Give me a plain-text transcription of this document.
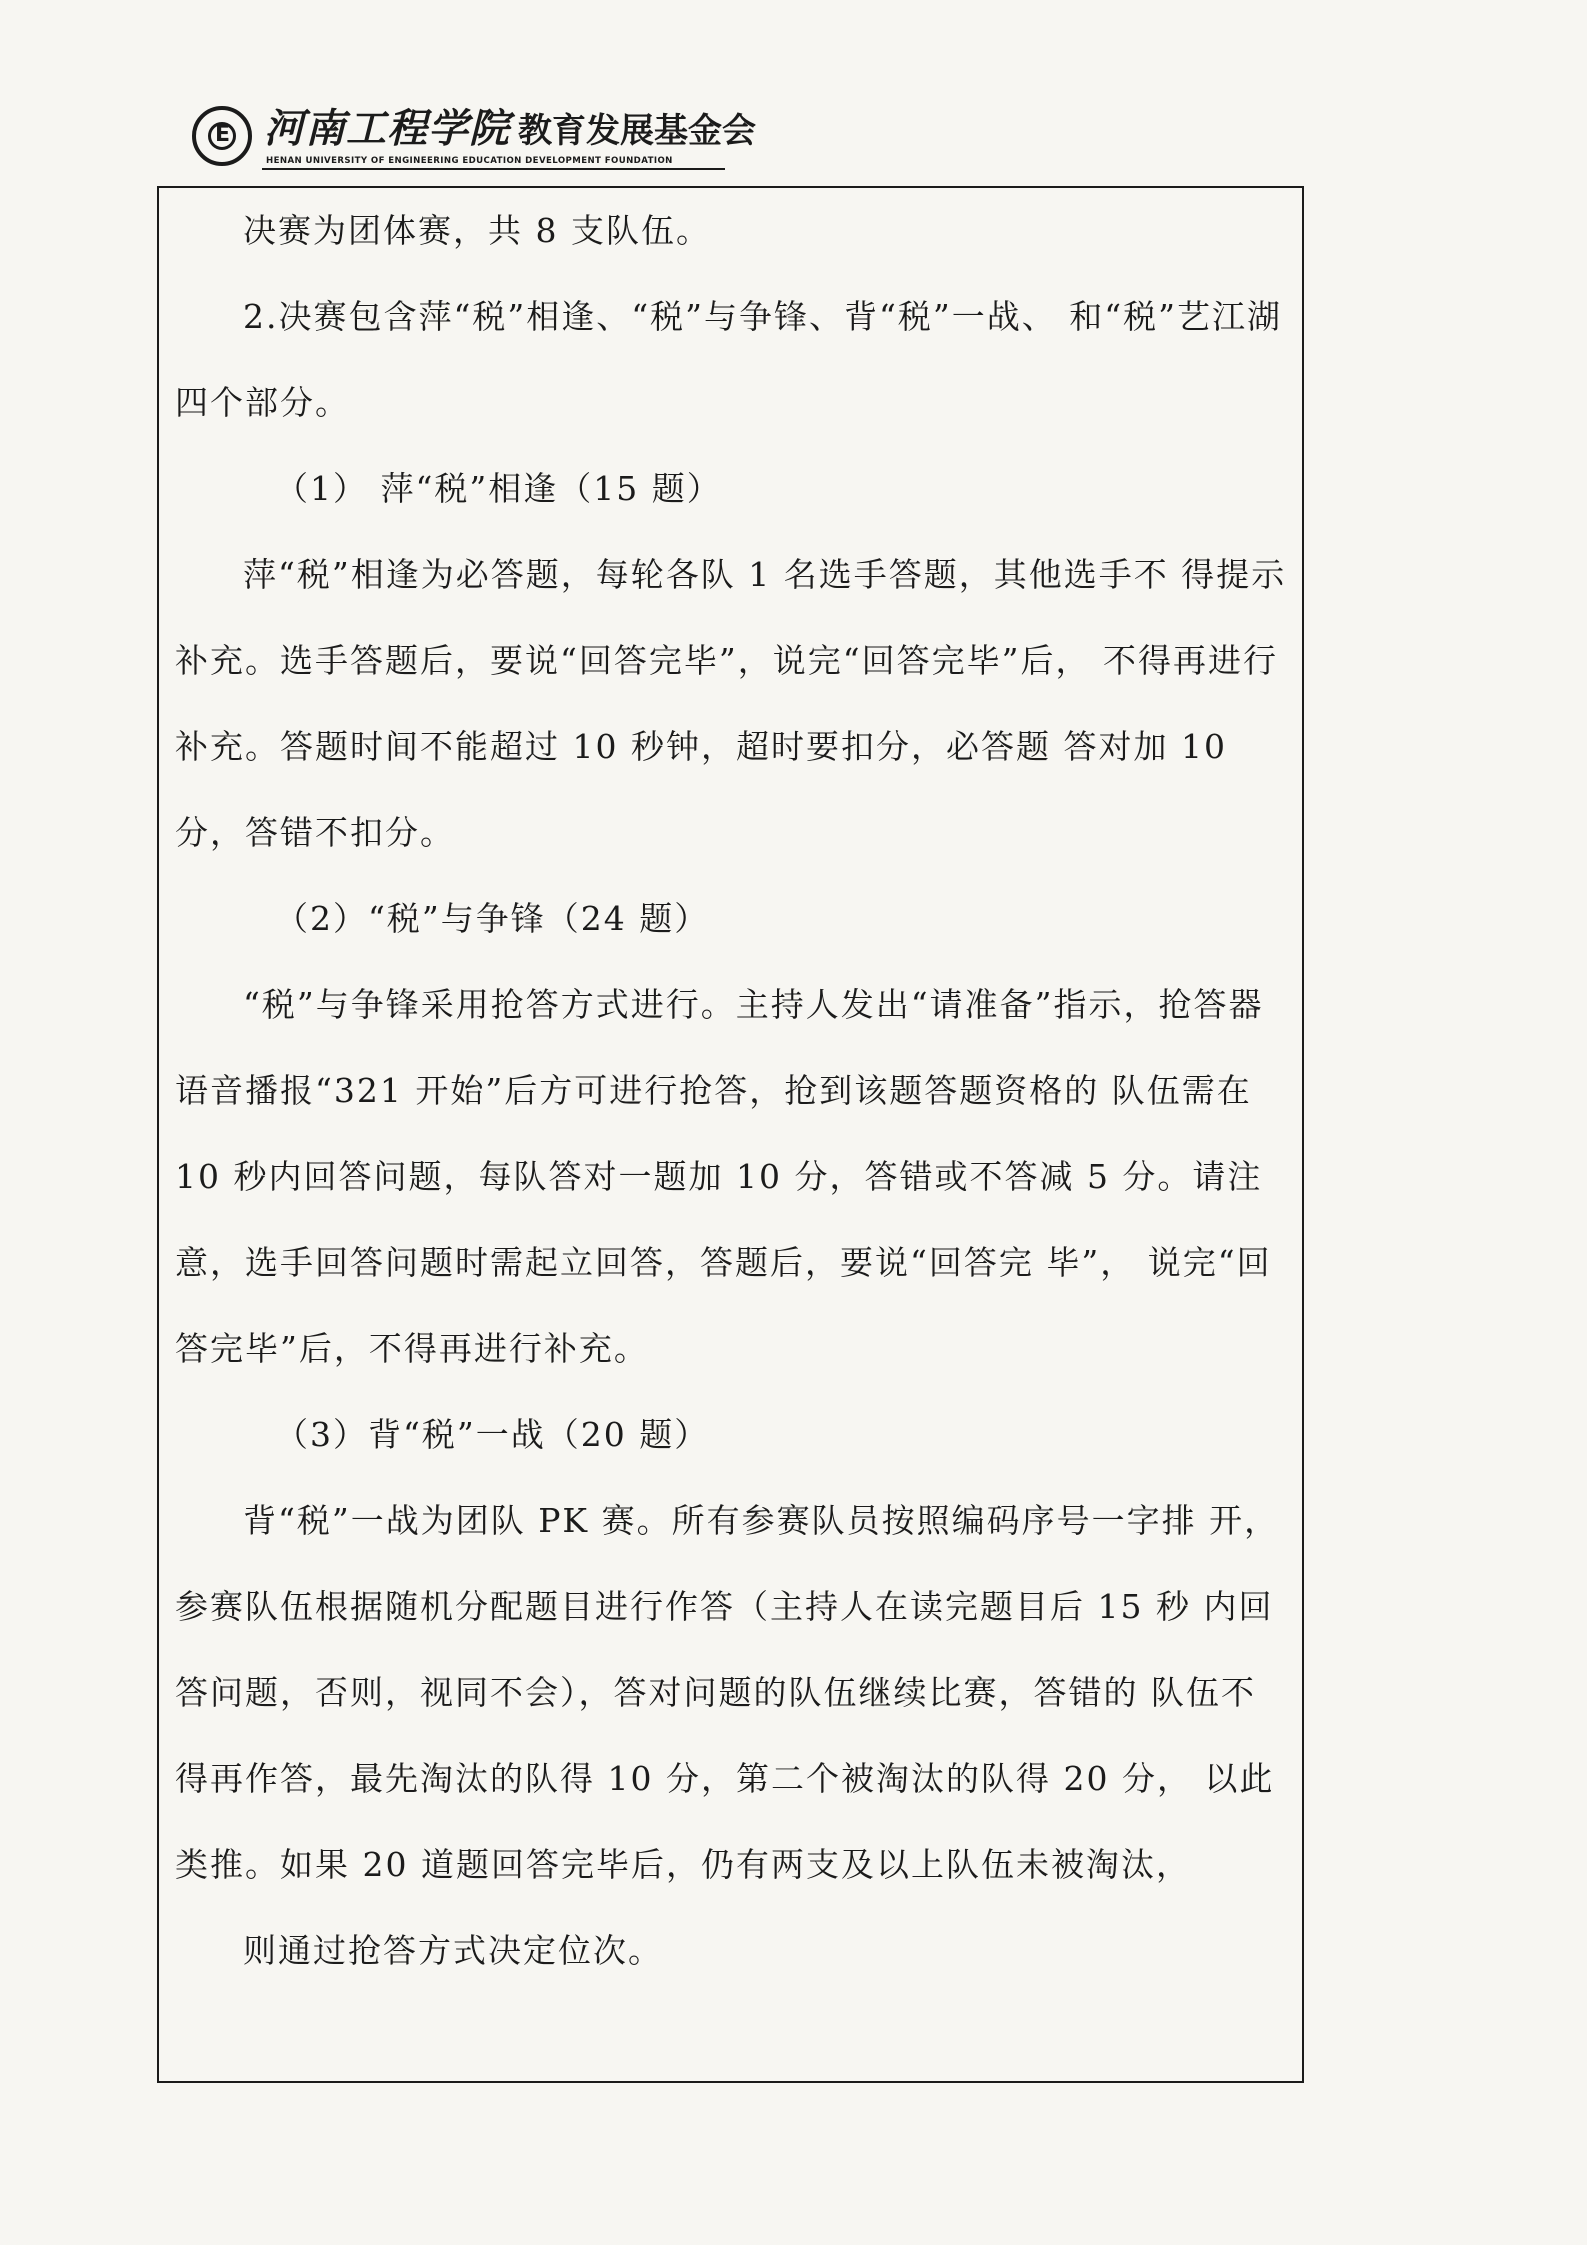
E 河南工程学院 教育发展基金会
HENAN UNIVERSITY OF ENGINEERING EDUCATION DEVELOPMENT FOUNDATION

决赛为团体赛，共 8 支队伍。

2.决赛包含萍“税”相逢、“税”与争锋、背“税”一战、 和“税”艺江湖四个部分。

（1） 萍“税”相逢（15 题）

萍“税”相逢为必答题，每轮各队 1 名选手答题，其他选手不 得提示补充。选手答题后，要说“回答完毕”，说完“回答完毕”后， 不得再进行补充。答题时间不能超过 10 秒钟，超时要扣分，必答题 答对加 10 分，答错不扣分。

（2）“税”与争锋（24 题）

“税”与争锋采用抢答方式进行。主持人发出“请准备”指示，抢答器语音播报“321 开始”后方可进行抢答，抢到该题答题资格的 队伍需在 10 秒内回答问题，每队答对一题加 10 分，答错或不答减 5 分。请注意，选手回答问题时需起立回答，答题后，要说“回答完 毕”， 说完“回答完毕”后，不得再进行补充。

（3）背“税”一战（20 题）

背“税”一战为团队 PK 赛。所有参赛队员按照编码序号一字排 开，参赛队伍根据随机分配题目进行作答（主持人在读完题目后 15 秒 内回答问题，否则，视同不会），答对问题的队伍继续比赛，答错的 队伍不得再作答，最先淘汰的队得 10 分，第二个被淘汰的队得 20 分， 以此类推。如果 20 道题回答完毕后，仍有两支及以上队伍未被淘汰，

则通过抢答方式决定位次。
